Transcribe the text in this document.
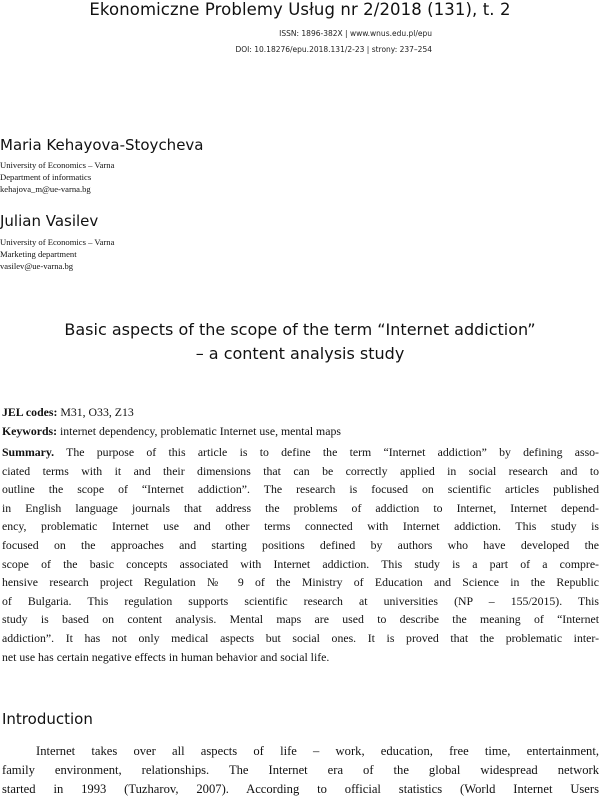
Ekonomiczne Problemy Usług nr 2/2018 (131), t. 2
ISSN: 1896-382X | www.wnus.edu.pl/epu
DOI: 10.18276/epu.2018.131/2-23 | strony: 237–254
Maria Kehayova-Stoycheva
University of Economics – Varna
Department of informatics
kehajova_m@ue-varna.bg
Julian Vasilev
University of Economics – Varna
Marketing department
vasilev@ue-varna.bg
Basic aspects of the scope of the term “Internet addiction”
– a content analysis study
JEL codes: M31, O33, Z13
Keywords: internet dependency, problematic Internet use, mental maps
Summary. The purpose of this article is to define the term “Internet addiction” by defining asso-
ciated terms with it and their dimensions that can be correctly applied in social research and to
outline the scope of “Internet addiction”. The research is focused on scientific articles published
in English language journals that address the problems of addiction to Internet, Internet depend-
ency, problematic Internet use and other terms connected with Internet addiction. This study is
focused on the approaches and starting positions defined by authors who have developed the
scope of the basic concepts associated with Internet addiction. This study is a part of a compre-
hensive research project Regulation № 9 of the Ministry of Education and Science in the Republic
of Bulgaria. This regulation supports scientific research at universities (NP – 155/2015). This
study is based on content analysis. Mental maps are used to describe the meaning of “Internet
addiction”. It has not only medical aspects but social ones. It is proved that the problematic inter-
net use has certain negative effects in human behavior and social life.
Introduction
Internet takes over all aspects of life – work, education, free time, entertainment,
family environment, relationships. The Internet era of the global widespread network
started in 1993 (Tuzharov, 2007). According to official statistics (World Internet Users
